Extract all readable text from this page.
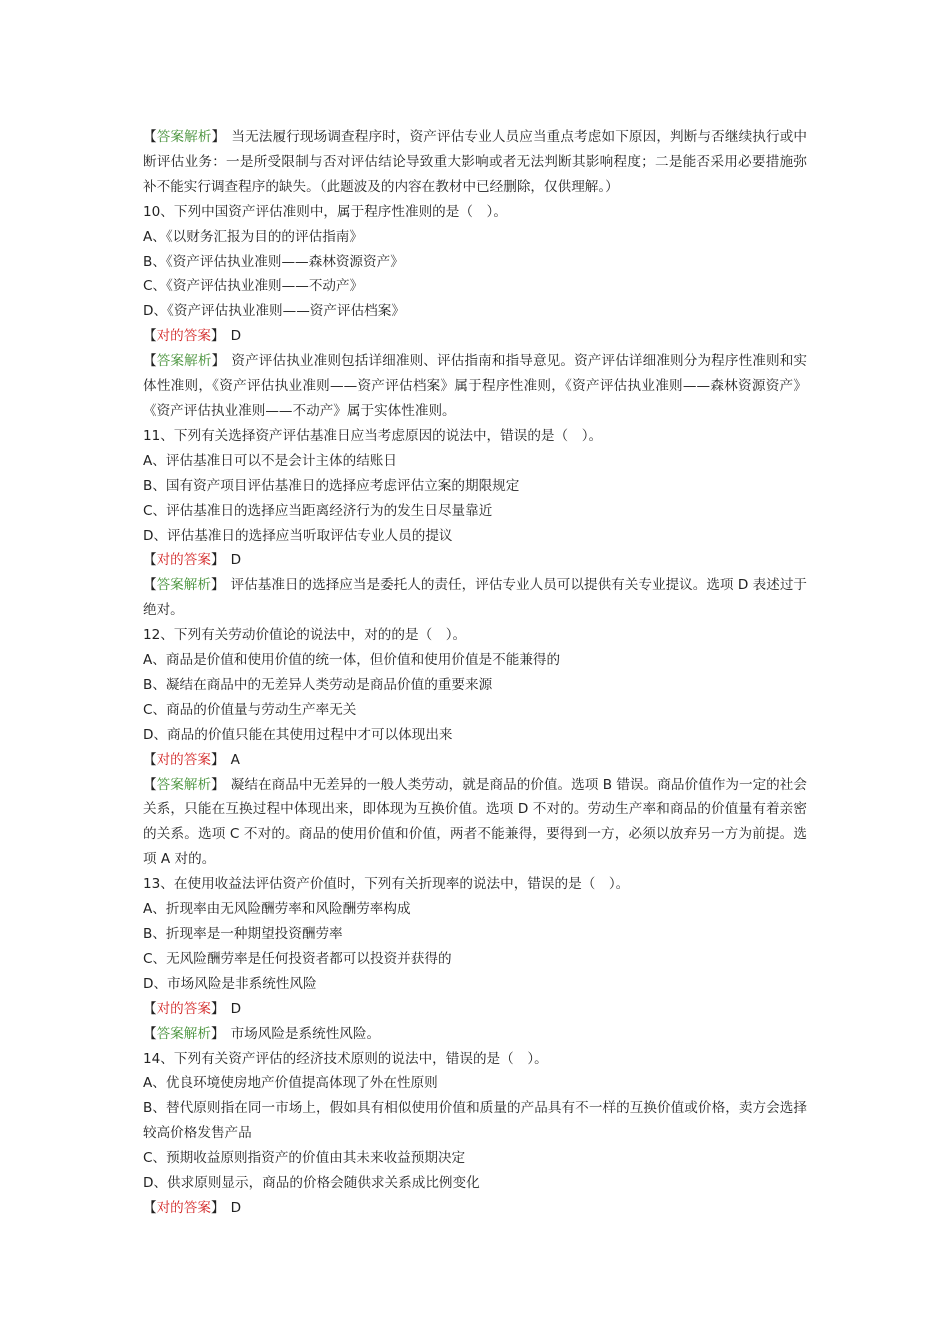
【答案解析】 当无法履行现场调查程序时，资产评估专业人员应当重点考虑如下原因，判断与否继续执行或中断评估业务：一是所受限制与否对评估结论导致重大影响或者无法判断其影响程度；二是能否采用必要措施弥补不能实行调查程序的缺失。（此题波及的内容在教材中已经删除，仅供理解。）

10、下列中国资产评估准则中，属于程序性准则的是（　）。

A、《以财务汇报为目的的评估指南》

B、《资产评估执业准则——森林资源资产》

C、《资产评估执业准则——不动产》

D、《资产评估执业准则——资产评估档案》

【对的答案】 D

【答案解析】 资产评估执业准则包括详细准则、评估指南和指导意见。资产评估详细准则分为程序性准则和实体性准则，《资产评估执业准则——资产评估档案》属于程序性准则，《资产评估执业准则——森林资源资产》《资产评估执业准则——不动产》属于实体性准则。

11、下列有关选择资产评估基准日应当考虑原因的说法中，错误的是（　）。

A、评估基准日可以不是会计主体的结账日

B、国有资产项目评估基准日的选择应考虑评估立案的期限规定

C、评估基准日的选择应当距离经济行为的发生日尽量靠近

D、评估基准日的选择应当听取评估专业人员的提议

【对的答案】 D

【答案解析】 评估基准日的选择应当是委托人的责任，评估专业人员可以提供有关专业提议。选项 D 表述过于绝对。

12、下列有关劳动价值论的说法中，对的的是（　）。

A、商品是价值和使用价值的统一体，但价值和使用价值是不能兼得的

B、凝结在商品中的无差异人类劳动是商品价值的重要来源

C、商品的价值量与劳动生产率无关

D、商品的价值只能在其使用过程中才可以体现出来

【对的答案】 A

【答案解析】 凝结在商品中无差异的一般人类劳动，就是商品的价值。选项 B 错误。商品价值作为一定的社会关系，只能在互换过程中体现出来，即体现为互换价值。选项 D 不对的。劳动生产率和商品的价值量有着亲密的关系。选项 C 不对的。商品的使用价值和价值，两者不能兼得，要得到一方，必须以放弃另一方为前提。选项 A 对的。

13、在使用收益法评估资产价值时，下列有关折现率的说法中，错误的是（　）。

A、折现率由无风险酬劳率和风险酬劳率构成

B、折现率是一种期望投资酬劳率

C、无风险酬劳率是任何投资者都可以投资并获得的

D、市场风险是非系统性风险

【对的答案】 D

【答案解析】 市场风险是系统性风险。

14、下列有关资产评估的经济技术原则的说法中，错误的是（　）。

A、优良环境使房地产价值提高体现了外在性原则

B、替代原则指在同一市场上，假如具有相似使用价值和质量的产品具有不一样的互换价值或价格，卖方会选择较高价格发售产品

C、预期收益原则指资产的价值由其未来收益预期决定

D、供求原则显示，商品的价格会随供求关系成比例变化

【对的答案】 D
